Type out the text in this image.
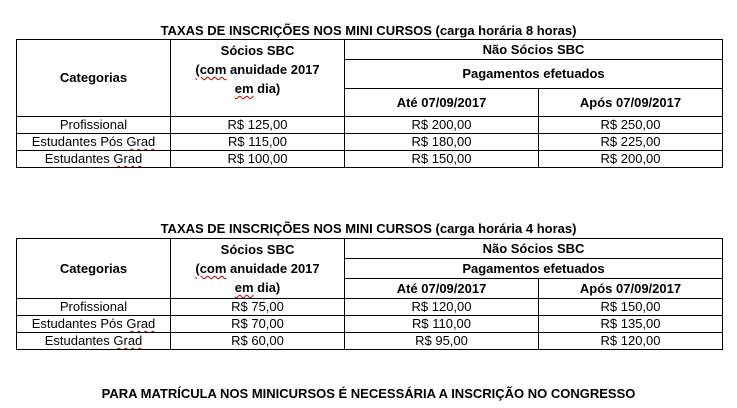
TAXAS DE INSCRIÇÕES NOS MINI CURSOS (carga horária 8 horas)
Categorias	Sócios SBC
(com anuidade 2017
em dia)	Não Sócios SBC	
		Pagamentos efetuados	
		Até 07/09/2017	Após 07/09/2017
Profissional	R$ 125,00	R$ 200,00	R$ 250,00
Estudantes Pós Grad	R$ 115,00	R$ 180,00	R$ 225,00
Estudantes Grad	R$ 100,00	R$ 150,00	R$ 200,00
TAXAS DE INSCRIÇÕES NOS MINI CURSOS (carga horária 4 horas)
Categorias	Sócios SBC
(com anuidade 2017
em dia)	Não Sócios SBC	
		Pagamentos efetuados	
		Até 07/09/2017	Após 07/09/2017
Profissional	R$ 75,00	R$ 120,00	R$ 150,00
Estudantes Pós Grad	R$ 70,00	R$ 110,00	R$ 135,00
Estudantes Grad	R$ 60,00	R$ 95,00	R$ 120,00
PARA MATRÍCULA NOS MINICURSOS É NECESSÁRIA A INSCRIÇÃO NO CONGRESSO
